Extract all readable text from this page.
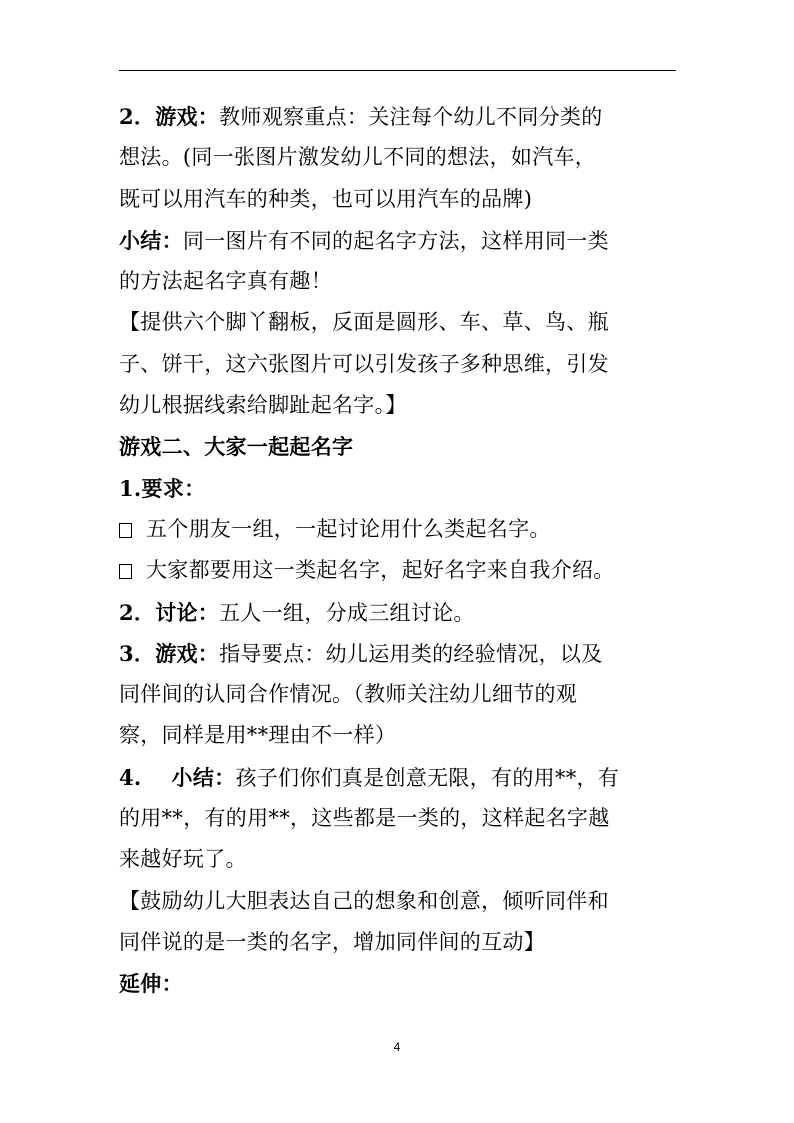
2．游戏：教师观察重点：关注每个幼儿不同分类的
想法。(同一张图片激发幼儿不同的想法，如汽车，
既可以用汽车的种类，也可以用汽车的品牌)
小结：同一图片有不同的起名字方法，这样用同一类
的方法起名字真有趣！
【提供六个脚丫翻板，反面是圆形、车、草、鸟、瓶
子、饼干，这六张图片可以引发孩子多种思维，引发
幼儿根据线索给脚趾起名字。】
游戏二、大家一起起名字
1.要求：
五个朋友一组，一起讨论用什么类起名字。
大家都要用这一类起名字，起好名字来自我介绍。
2．讨论：五人一组，分成三组讨论。
3．游戏：指导要点：幼儿运用类的经验情况，以及
同伴间的认同合作情况。（教师关注幼儿细节的观
察，同样是用**理由不一样）
4. 小结：孩子们你们真是创意无限，有的用**，有
的用**，有的用**，这些都是一类的，这样起名字越
来越好玩了。
【鼓励幼儿大胆表达自己的想象和创意，倾听同伴和
同伴说的是一类的名字，增加同伴间的互动】
延伸：
4
